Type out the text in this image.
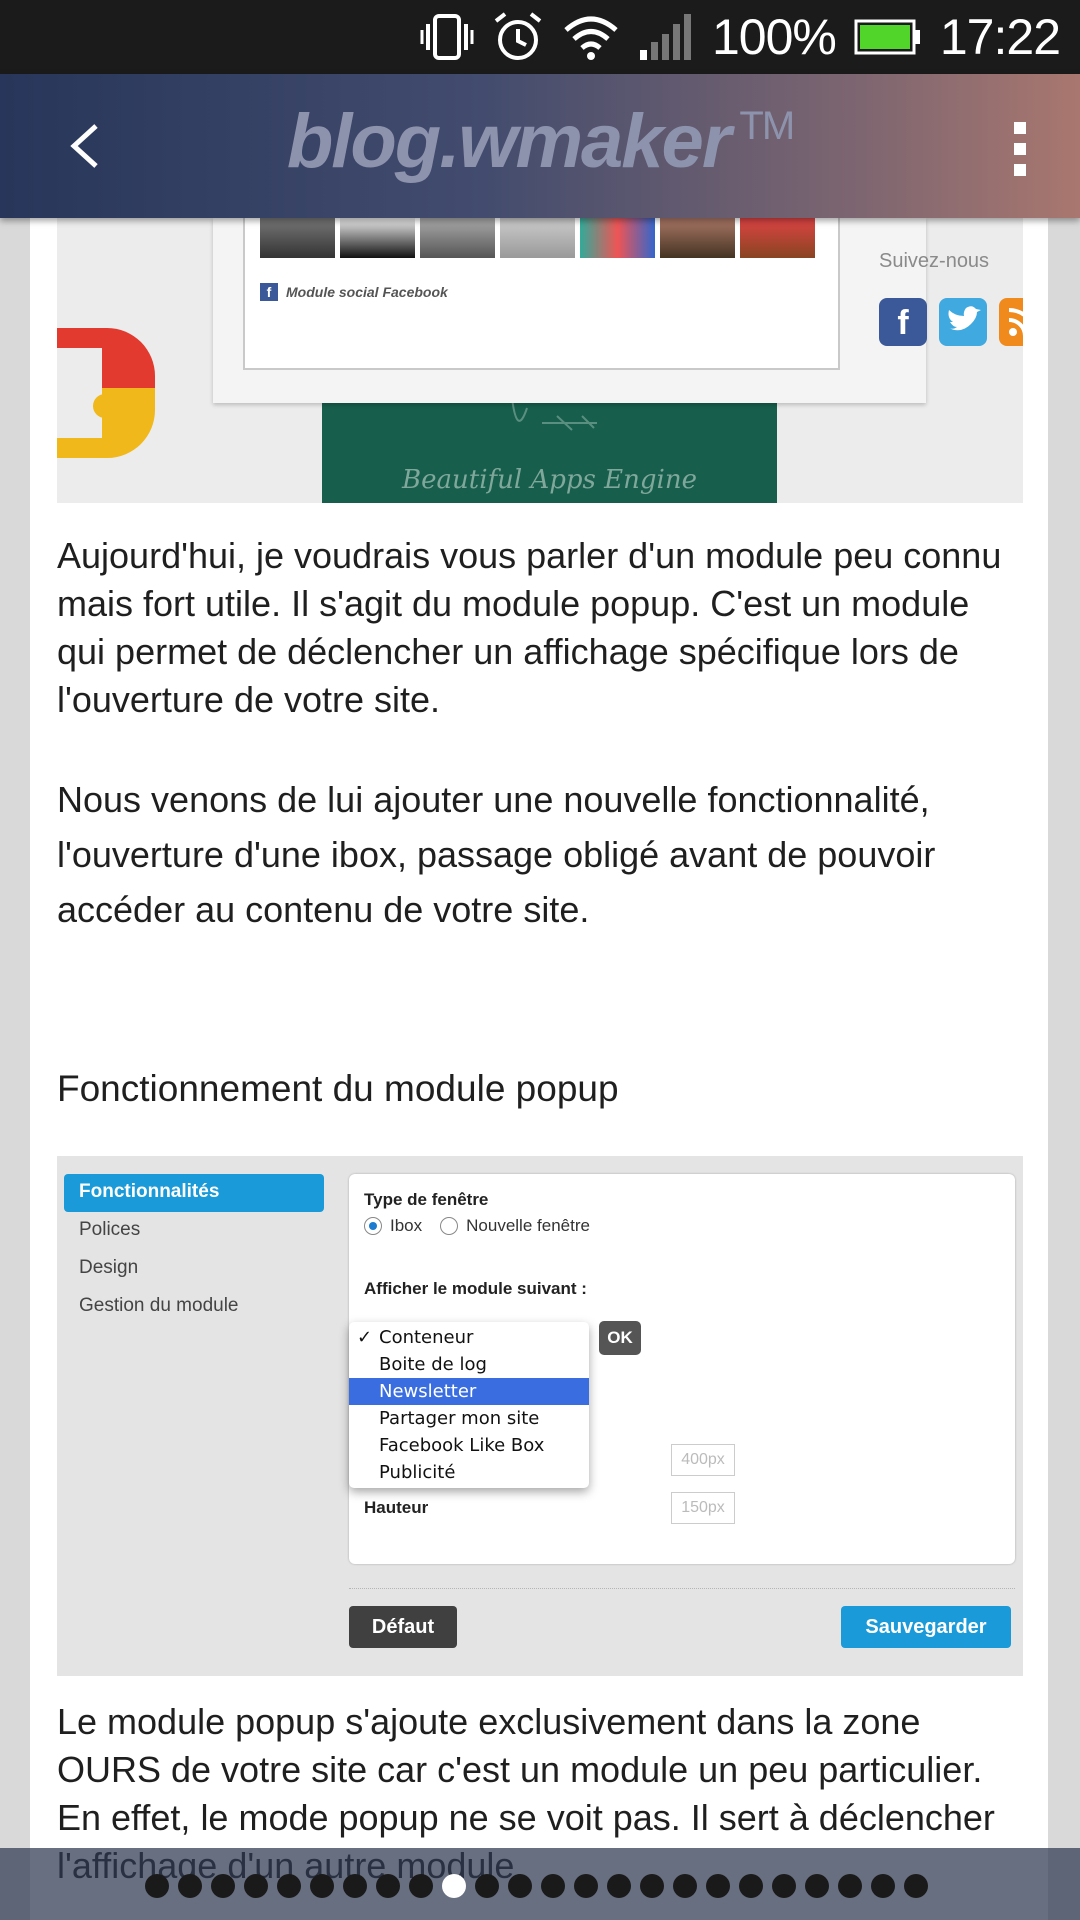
100% 17:22
blog.wmaker ™
Beautiful Apps Engine
f	Module social Facebook
Suivez-nous
f
Aujourd'hui, je voudrais vous parler d'un module peu connu mais fort utile. Il s'agit du module popup. C'est un module qui permet de déclencher un affichage spécifique lors de l'ouverture de votre site.
Nous venons de lui ajouter une nouvelle fonctionnalité, l'ouverture d'une ibox, passage obligé avant de pouvoir accéder au contenu de votre site.
Fonctionnement du module popup
Fonctionnalités
Polices
Design
Gestion du module
Type de fenêtre
Ibox	Nouvelle fenêtre
Afficher le module suivant :
OK
400px
Hauteur	150px
✓ Conteneur
Boite de log
Newsletter
Partager mon site
Facebook Like Box
Publicité
Défaut	Sauvegarder
Le module popup s'ajoute exclusivement dans la zone OURS de votre site car c'est un module un peu particulier. En effet, le mode popup ne se voit pas. Il sert à déclencher
